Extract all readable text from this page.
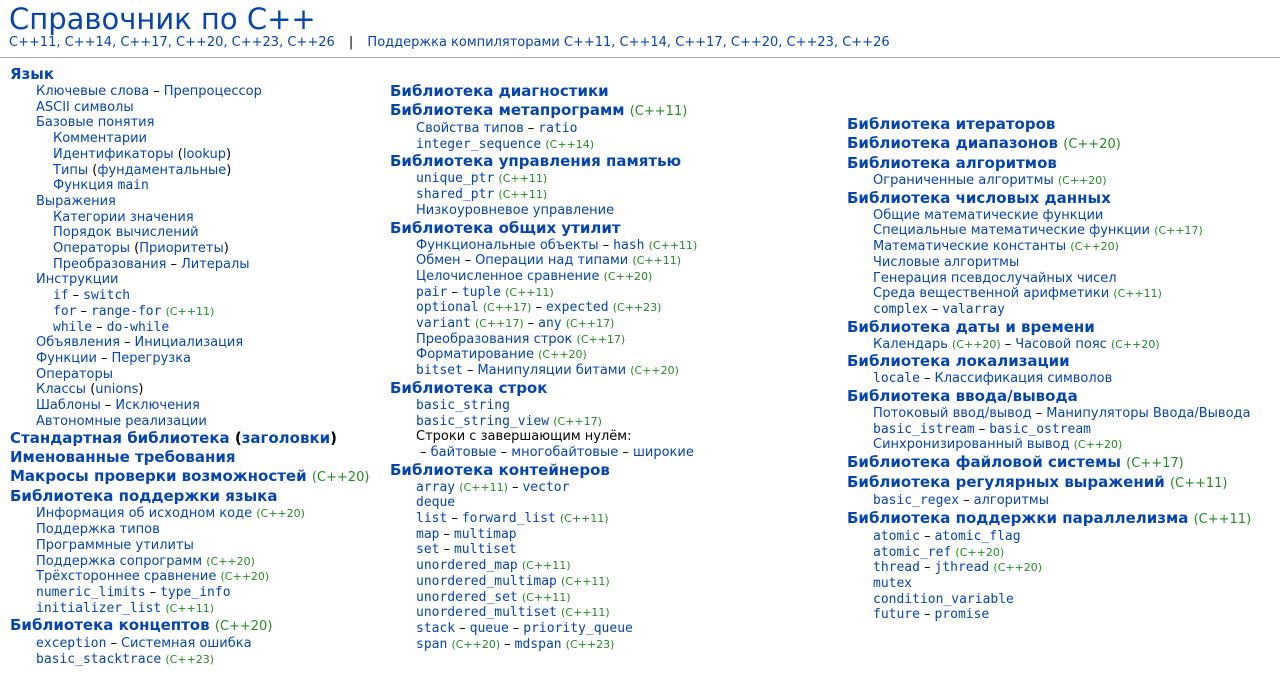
Справочник по C++
C++11, C++14, C++17, C++20, C++23, C++26 | Поддержка компиляторами C++11, C++14, C++17, C++20, C++23, C++26
Язык
Ключевые слова – Препроцессор
ASCII символы
Базовые понятия
Комментарии
Идентификаторы (lookup)
Типы (фундаментальные)
Функция main
Выражения
Категории значения
Порядок вычислений
Операторы (Приоритеты)
Преобразования – Литералы
Инструкции
if – switch
for – range-for (C++11)
while – do-while
Объявления – Инициализация
Функции – Перегрузка
Операторы
Классы (unions)
Шаблоны – Исключения
Автономные реализации
Стандартная библиотека (заголовки)
Именованные требования
Макросы проверки возможностей (C++20)
Библиотека поддержки языка
Информация об исходном коде (C++20)
Поддержка типов
Программные утилиты
Поддержка сопрограмм (C++20)
Трёхстороннее сравнение (C++20)
numeric_limits – type_info
initializer_list (C++11)
Библиотека концептов (C++20)
exception – Системная ошибка
basic_stacktrace (C++23)
Библиотека диагностики
Библиотека метапрограмм (C++11)
Свойства типов – ratio
integer_sequence (C++14)
Библиотека управления памятью
unique_ptr (C++11)
shared_ptr (C++11)
Низкоуровневое управление
Библиотека общих утилит
Функциональные объекты – hash (C++11)
Обмен – Операции над типами (C++11)
Целочисленное сравнение (C++20)
pair – tuple (C++11)
optional (C++17) – expected (C++23)
variant (C++17) – any (C++17)
Преобразования строк (C++17)
Форматирование (C++20)
bitset – Манипуляции битами (C++20)
Библиотека строк
basic_string
basic_string_view (C++17)
Строки с завершающим нулём:
– байтовые – многобайтовые – широкие
Библиотека контейнеров
array (C++11) – vector
deque
list – forward_list (C++11)
map – multimap
set – multiset
unordered_map (C++11)
unordered_multimap (C++11)
unordered_set (C++11)
unordered_multiset (C++11)
stack – queue – priority_queue
span (C++20) – mdspan (C++23)
Библиотека итераторов
Библиотека диапазонов (C++20)
Библиотека алгоритмов
Ограниченные алгоритмы (C++20)
Библиотека числовых данных
Общие математические функции
Специальные математические функции (C++17)
Математические константы (C++20)
Числовые алгоритмы
Генерация псевдослучайных чисел
Среда вещественной арифметики (C++11)
complex – valarray
Библиотека даты и времени
Календарь (C++20) – Часовой пояс (C++20)
Библиотека локализации
locale – Классификация символов
Библиотека ввода/вывода
Потоковый ввод/вывод – Манипуляторы Ввода/Вывода
basic_istream – basic_ostream
Синхронизированный вывод (C++20)
Библиотека файловой системы (C++17)
Библиотека регулярных выражений (C++11)
basic_regex – алгоритмы
Библиотека поддержки параллелизма (C++11)
atomic – atomic_flag
atomic_ref (C++20)
thread – jthread (C++20)
mutex
condition_variable
future – promise
